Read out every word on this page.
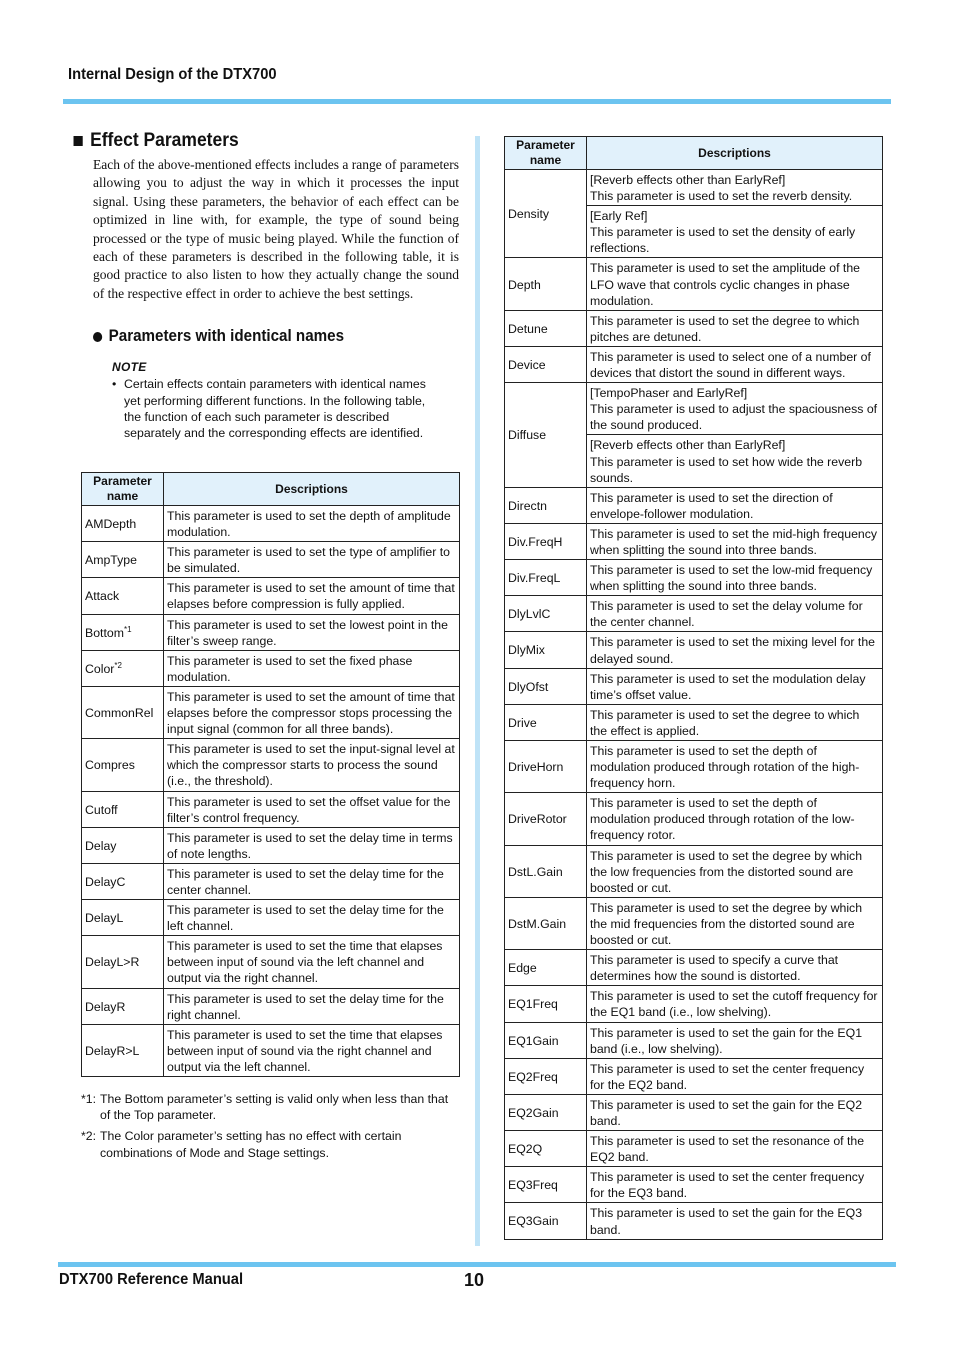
Internal Design of the DTX700
Effect Parameters

Each of the above-mentioned effects includes a range of parameters allowing you to adjust the way in which it processes the input signal. Using these parameters, the behavior of each effect can be optimized in line with, for example, the type of sound being processed or the type of music being played. While the function of each of these parameters is described in the following table, it is good practice to also listen to how they actually change the sound of the respective effect in order to achieve the best settings.

Parameters with identical names
NOTE
• Certain effects contain parameters with identical names yet performing different functions. In the following table, the function of each such parameter is described separately and the corresponding effects are identified.
Parameter name	Descriptions
AMDepth	This parameter is used to set the depth of amplitude modulation.
AmpType	This parameter is used to set the type of amplifier to be simulated.
Attack	This parameter is used to set the amount of time that elapses before compression is fully applied.
Bottom$^{*1}$	This parameter is used to set the lowest point in the filter’s sweep range.
Color$^{*2}$	This parameter is used to set the fixed phase modulation.
CommonRel	This parameter is used to set the amount of time that elapses before the compressor stops processing the input signal (common for all three bands).
Compres	This parameter is used to set the input-signal level at which the compressor starts to process the sound (i.e., the threshold).
Cutoff	This parameter is used to set the offset value for the filter’s control frequency.
Delay	This parameter is used to set the delay time in terms of note lengths.
DelayC	This parameter is used to set the delay time for the center channel.
DelayL	This parameter is used to set the delay time for the left channel.
DelayL>R	This parameter is used to set the time that elapses between input of sound via the left channel and output via the right channel.
DelayR	This parameter is used to set the delay time for the right channel.
DelayR>L	This parameter is used to set the time that elapses between input of sound via the right channel and output via the left channel.
Parameter name	Descriptions
Density	[Reverb effects other than EarlyRef]
This parameter is used to set the reverb density.
	[Early Ref]
This parameter is used to set the density of early reflections.
Depth	This parameter is used to set the amplitude of the LFO wave that controls cyclic changes in phase modulation.
Detune	This parameter is used to set the degree to which pitches are detuned.
Device	This parameter is used to select one of a number of devices that distort the sound in different ways.
Diffuse	[TempoPhaser and EarlyRef]
This parameter is used to adjust the spaciousness of the sound produced.
	[Reverb effects other than EarlyRef]
This parameter is used to set how wide the reverb sounds.
Directn	This parameter is used to set the direction of envelope-follower modulation.
Div.FreqH	This parameter is used to set the mid-high frequency when splitting the sound into three bands.
Div.FreqL	This parameter is used to set the low-mid frequency when splitting the sound into three bands.
DlyLvlC	This parameter is used to set the delay volume for the center channel.
DlyMix	This parameter is used to set the mixing level for the delayed sound.
DlyOfst	This parameter is used to set the modulation delay time’s offset value.
Drive	This parameter is used to set the degree to which the effect is applied.
DriveHorn	This parameter is used to set the depth of modulation produced through rotation of the high-frequency horn.
DriveRotor	This parameter is used to set the depth of modulation produced through rotation of the low-frequency rotor.
DstL.Gain	This parameter is used to set the degree by which the low frequencies from the distorted sound are boosted or cut.
DstM.Gain	This parameter is used to set the degree by which the mid frequencies from the distorted sound are boosted or cut.
Edge	This parameter is used to specify a curve that determines how the sound is distorted.
EQ1Freq	This parameter is used to set the cutoff frequency for the EQ1 band (i.e., low shelving).
EQ1Gain	This parameter is used to set the gain for the EQ1 band (i.e., low shelving).
EQ2Freq	This parameter is used to set the center frequency for the EQ2 band.
EQ2Gain	This parameter is used to set the gain for the EQ2 band.
EQ2Q	This parameter is used to set the resonance of the EQ2 band.
EQ3Freq	This parameter is used to set the center frequency for the EQ3 band.
EQ3Gain	This parameter is used to set the gain for the EQ3 band.
*1: The Bottom parameter’s setting is valid only when less than that of the Top parameter.
*2: The Color parameter’s setting has no effect with certain combinations of Mode and Stage settings.
DTX700 Reference Manual	10
